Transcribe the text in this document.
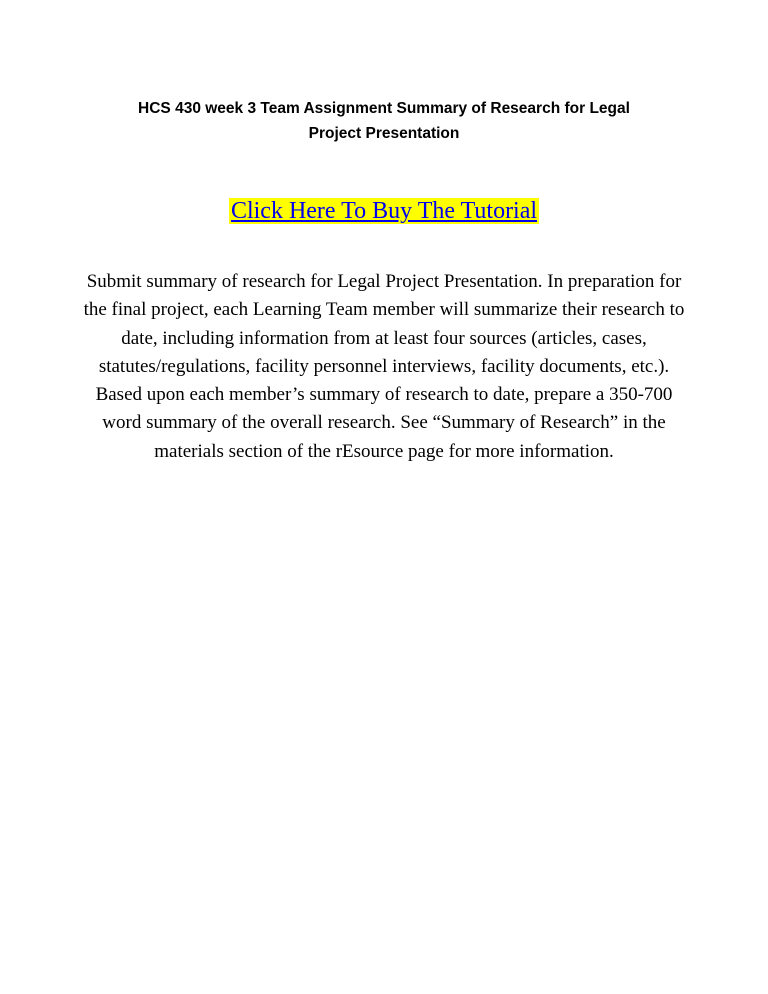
HCS 430 week 3 Team Assignment Summary of Research for Legal
Project Presentation
Click Here To Buy The Tutorial
Submit summary of research for Legal Project Presentation. In preparation for the final project, each Learning Team member will summarize their research to date, including information from at least four sources (articles, cases, statutes/regulations, facility personnel interviews, facility documents, etc.). Based upon each member’s summary of research to date, prepare a 350-700 word summary of the overall research. See “Summary of Research” in the materials section of the rEsource page for more information.
